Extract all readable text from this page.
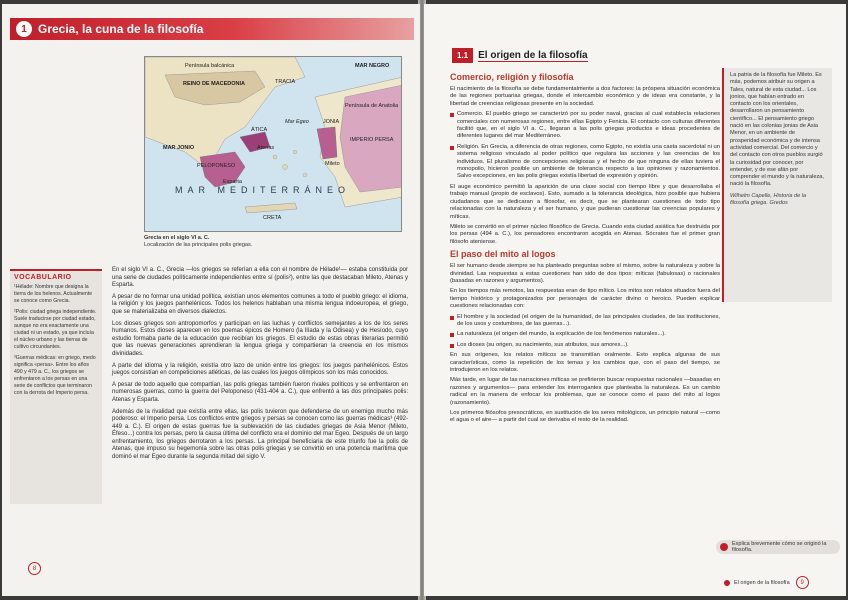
1 Grecia, la cuna de la filosofía
Península balcánica
REINO DE MACEDONIA	TRACIA
MAR NEGRO
MAR JONIO
Península de Anatolia
JONIA
ÁTICA
Atenas
Esparta
Mileto
PELOPONESO
IMPERIO PERSA
CRETA
MAR MEDITERRÁNEO
Mar Egeo
Grecia en el siglo VI a. C.
Localización de las principales polis griegas.
VOCABULARIO

¹Hélade: Nombre que designa la tierra de los helenos. Actualmente se conoce como Grecia.

²Polis: ciudad griega independiente. Suele traducirse por ciudad estado, aunque no era exactamente una ciudad ni un estado, ya que incluía el núcleo urbano y las tierras de cultivo circundantes.

³Guerras médicas: en griego, medo significa «persa». Entre los años 490 y 479 a. C., los griegos se enfrentaron a los persas en una serie de conflictos que terminaron con la derrota del Imperio persa.

En el siglo VI a. C., Grecia —los griegos se referían a ella con el nombre de Hélade¹— estaba constituida por una serie de ciudades políticamente independientes entre sí (polis²), entre las que destacaban Mileto, Atenas y Esparta.

A pesar de no formar una unidad política, existían unos elementos comunes a todo el pueblo griego: el idioma, la religión y los juegos panhelénicos. Todos los helenos hablaban una misma lengua indoeuropea, el griego, que se materializaba en diversos dialectos.

Los dioses griegos son antropomorfos y participan en las luchas y conflictos semejantes a los de los seres humanos. Estos dioses aparecen en los poemas épicos de Homero (la Ilíada y la Odisea) y de Hesíodo, cuyo estudio formaba parte de la educación que recibían los griegos. El estudio de estas obras literarias permitió que las nuevas generaciones aprendieran la lengua griega y compartieran la creencia en los mismos divinidades.

A parte del idioma y la religión, existía otro lazo de unión entre los griegos: los juegos panhelénicos. Estos juegos consistían en competiciones atléticas, de las cuales los juegos olímpicos son los más conocidos.

A pesar de todo aquello que compartían, las polis griegas también fueron rivales políticos y se enfrentaron en numerosas guerras, como la guerra del Peloponeso (431-404 a. C.), que enfrentó a las dos principales polis: Atenas y Esparta.

Además de la rivalidad que existía entre ellas, las polis tuvieron que defenderse de un enemigo mucho más poderoso: el Imperio persa. Los conflictos entre griegos y persas se conocen como las guerras médicas³ (492-449 a. C.). El origen de estas guerras fue la sublevación de las ciudades griegas de Asia Menor (Mileto, Éfeso...) contra los persas, pero la causa última del conflicto era el dominio del mar Egeo. Después de un largo enfrentamiento, los griegos derrotaron a los persas. La principal beneficiaria de este triunfo fue la polis de Atenas, que impuso su hegemonía sobre las otras polis griegas y se convirtió en una potencia marítima que dominó el mar Egeo durante la segunda mitad del siglo V.

8
1.1	El origen de la filosofía
Comercio, religión y filosofía

El nacimiento de la filosofía se debe fundamentalmente a dos factores: la próspera situación económica de las regiones portuarias griegas, donde el intercambio económico y de ideas era constante, y la libertad de creencias religiosas presente en la sociedad.

Comercio. El pueblo griego se caracterizó por su poder naval, gracias al cual establecía relaciones comerciales con numerosas regiones, entre ellas Egipto y Fenicia. El contacto con culturas diferentes facilitó que, en el siglo VI a. C., llegaran a las polis griegas productos e ideas procedentes de diferentes lugares del mar Mediterráneo.

Religión. En Grecia, a diferencia de otras regiones, como Egipto, no existía una casta sacerdotal ni un sistema religioso vinculado al poder político que regulara las acciones y las creencias de los individuos. El pluralismo de concepciones religiosas y el hecho de que ninguna de ellas tuviera el monopolio, hicieron posible un ambiente de tolerancia respecto a las opiniones y razonamientos. Salvo excepciones, en las polis griegas existía libertad de expresión y opinión.

El auge económico permitió la aparición de una clase social con tiempo libre y que desarrollaba el trabajo manual (propio de esclavos). Esto, sumado a la tolerancia ideológica, hizo posible que hubiera ciudadanos que se dedicaran a filosofar, es decir, que se plantearan cuestiones de todo tipo relacionadas con la naturaleza y el ser humano, y que pudieran cuestionar las creencias populares y míticas.

Mileto se convirtió en el primer núcleo filosófico de Grecia. Cuando esta ciudad asiática fue destruida por los persas (494 a. C.), los pensadores encontraron acogida en Atenas. Sócrates fue el primer gran filósofo ateniense.

El paso del mito al logos

El ser humano desde siempre se ha planteado preguntas sobre sí mismo, sobre la naturaleza y sobre la divinidad. Las respuestas a estas cuestiones han sido de dos tipos: míticas (fabulosas) o racionales (basadas en razones y argumentos).

En los tiempos más remotos, las respuestas eran de tipo mítico. Los mitos son relatos situados fuera del tiempo histórico y protagonizados por personajes de carácter divino o heroico. Pueden explicar cuestiones relacionadas con:

El hombre y la sociedad (el origen de la humanidad, de las principales ciudades, de las instituciones, de los usos y costumbres, de las guerras...).

La naturaleza (el origen del mundo, la explicación de los fenómenos naturales...).

Los dioses (su origen, su nacimiento, sus atributos, sus amores...).

En sus orígenes, los relatos míticos se transmitían oralmente. Esto explica algunas de sus características, como la repetición de los temas y los cambios que, con el paso del tiempo, se introdujeron en los relatos.

Más tarde, en lugar de las narraciones míticas se prefirieron buscar respuestas racionales —basadas en razones y argumentos— para entender los interrogantes que planteaba la naturaleza. Es un cambio radical en la manera de enfocar los problemas, que se conoce como el paso del mito al logos (razonamiento).

Los primeros filósofos presocráticos, en sustitución de los seres mitológicos, un principio natural —como el agua o el aire— a partir del cual se derivaba el resto de la realidad.

La patria de la filosofía fue Mileto. Es más, podemos atribuir su origen a Tales, natural de esta ciudad... Los jonios, que habían entrado en contacto con los orientales, desarrollaron un pensamiento científico... El pensamiento griego nació en las colonias jonias de Asia Menor, en un ambiente de prosperidad económica y de intensa actividad comercial. Del comercio y del contacto con otros pueblos surgió la curiosidad por conocer, por entender, y de ese afán por comprender el mundo y la naturaleza, nació la filosofía.

Wilhelm Capelle, Historia de la filosofía griega. Gredos

Explica brevemente cómo se originó la filosofía.
El origen de la filosofía	9
